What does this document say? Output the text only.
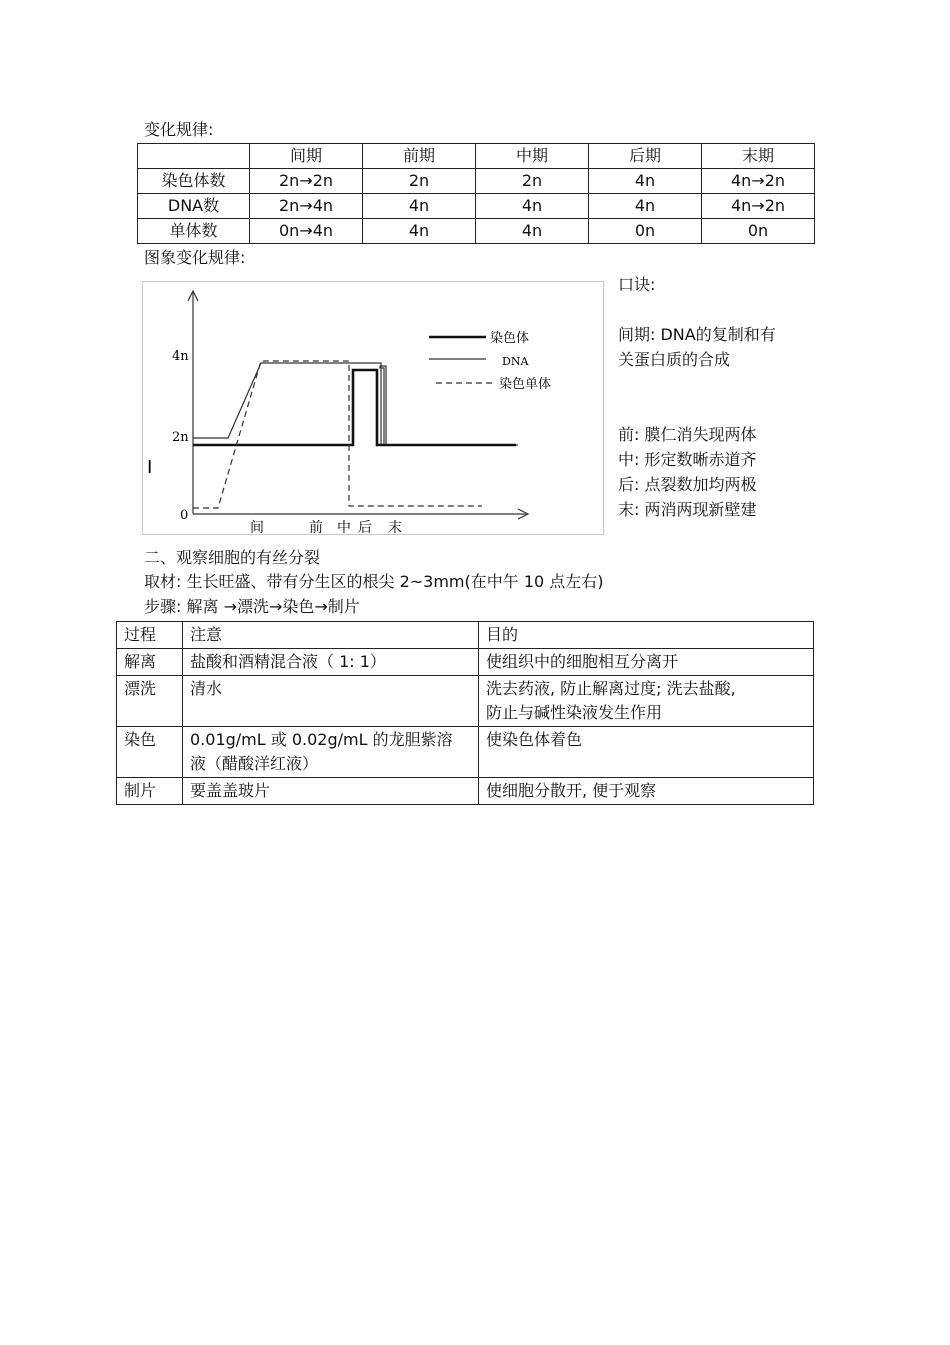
变化规律:
	间期	前期	中期	后期	末期
染色体数	2n→2n	2n	2n	4n	4n→2n
DNA数	2n→4n	4n	4n	4n	4n→2n
单体数	0n→4n	4n	4n	0n	0n
图象变化规律:
4n
2n
0
间	前 中 后 末
染色体
DNA
染色单体
I
口诀:
间期: DNA的复制和有
关蛋白质的合成
前: 膜仁消失现两体
中: 形定数晰赤道齐
后: 点裂数加均两极
末: 两消两现新壁建
二、观察细胞的有丝分裂
取材: 生长旺盛、带有分生区的根尖 2~3mm(在中午 10 点左右)
步骤: 解离 →漂洗→染色→制片
过程	注意	目的
解离	盐酸和酒精混合液（ 1: 1）	使组织中的细胞相互分离开

漂洗	清水	洗去药液, 防止解离过度; 洗去盐酸,
防止与碱性染液发生作用

染色	0.01g/mL 或 0.02g/mL 的龙胆紫溶
液（醋酸洋红液）	使染色体着色

制片	要盖盖玻片	使细胞分散开, 便于观察
